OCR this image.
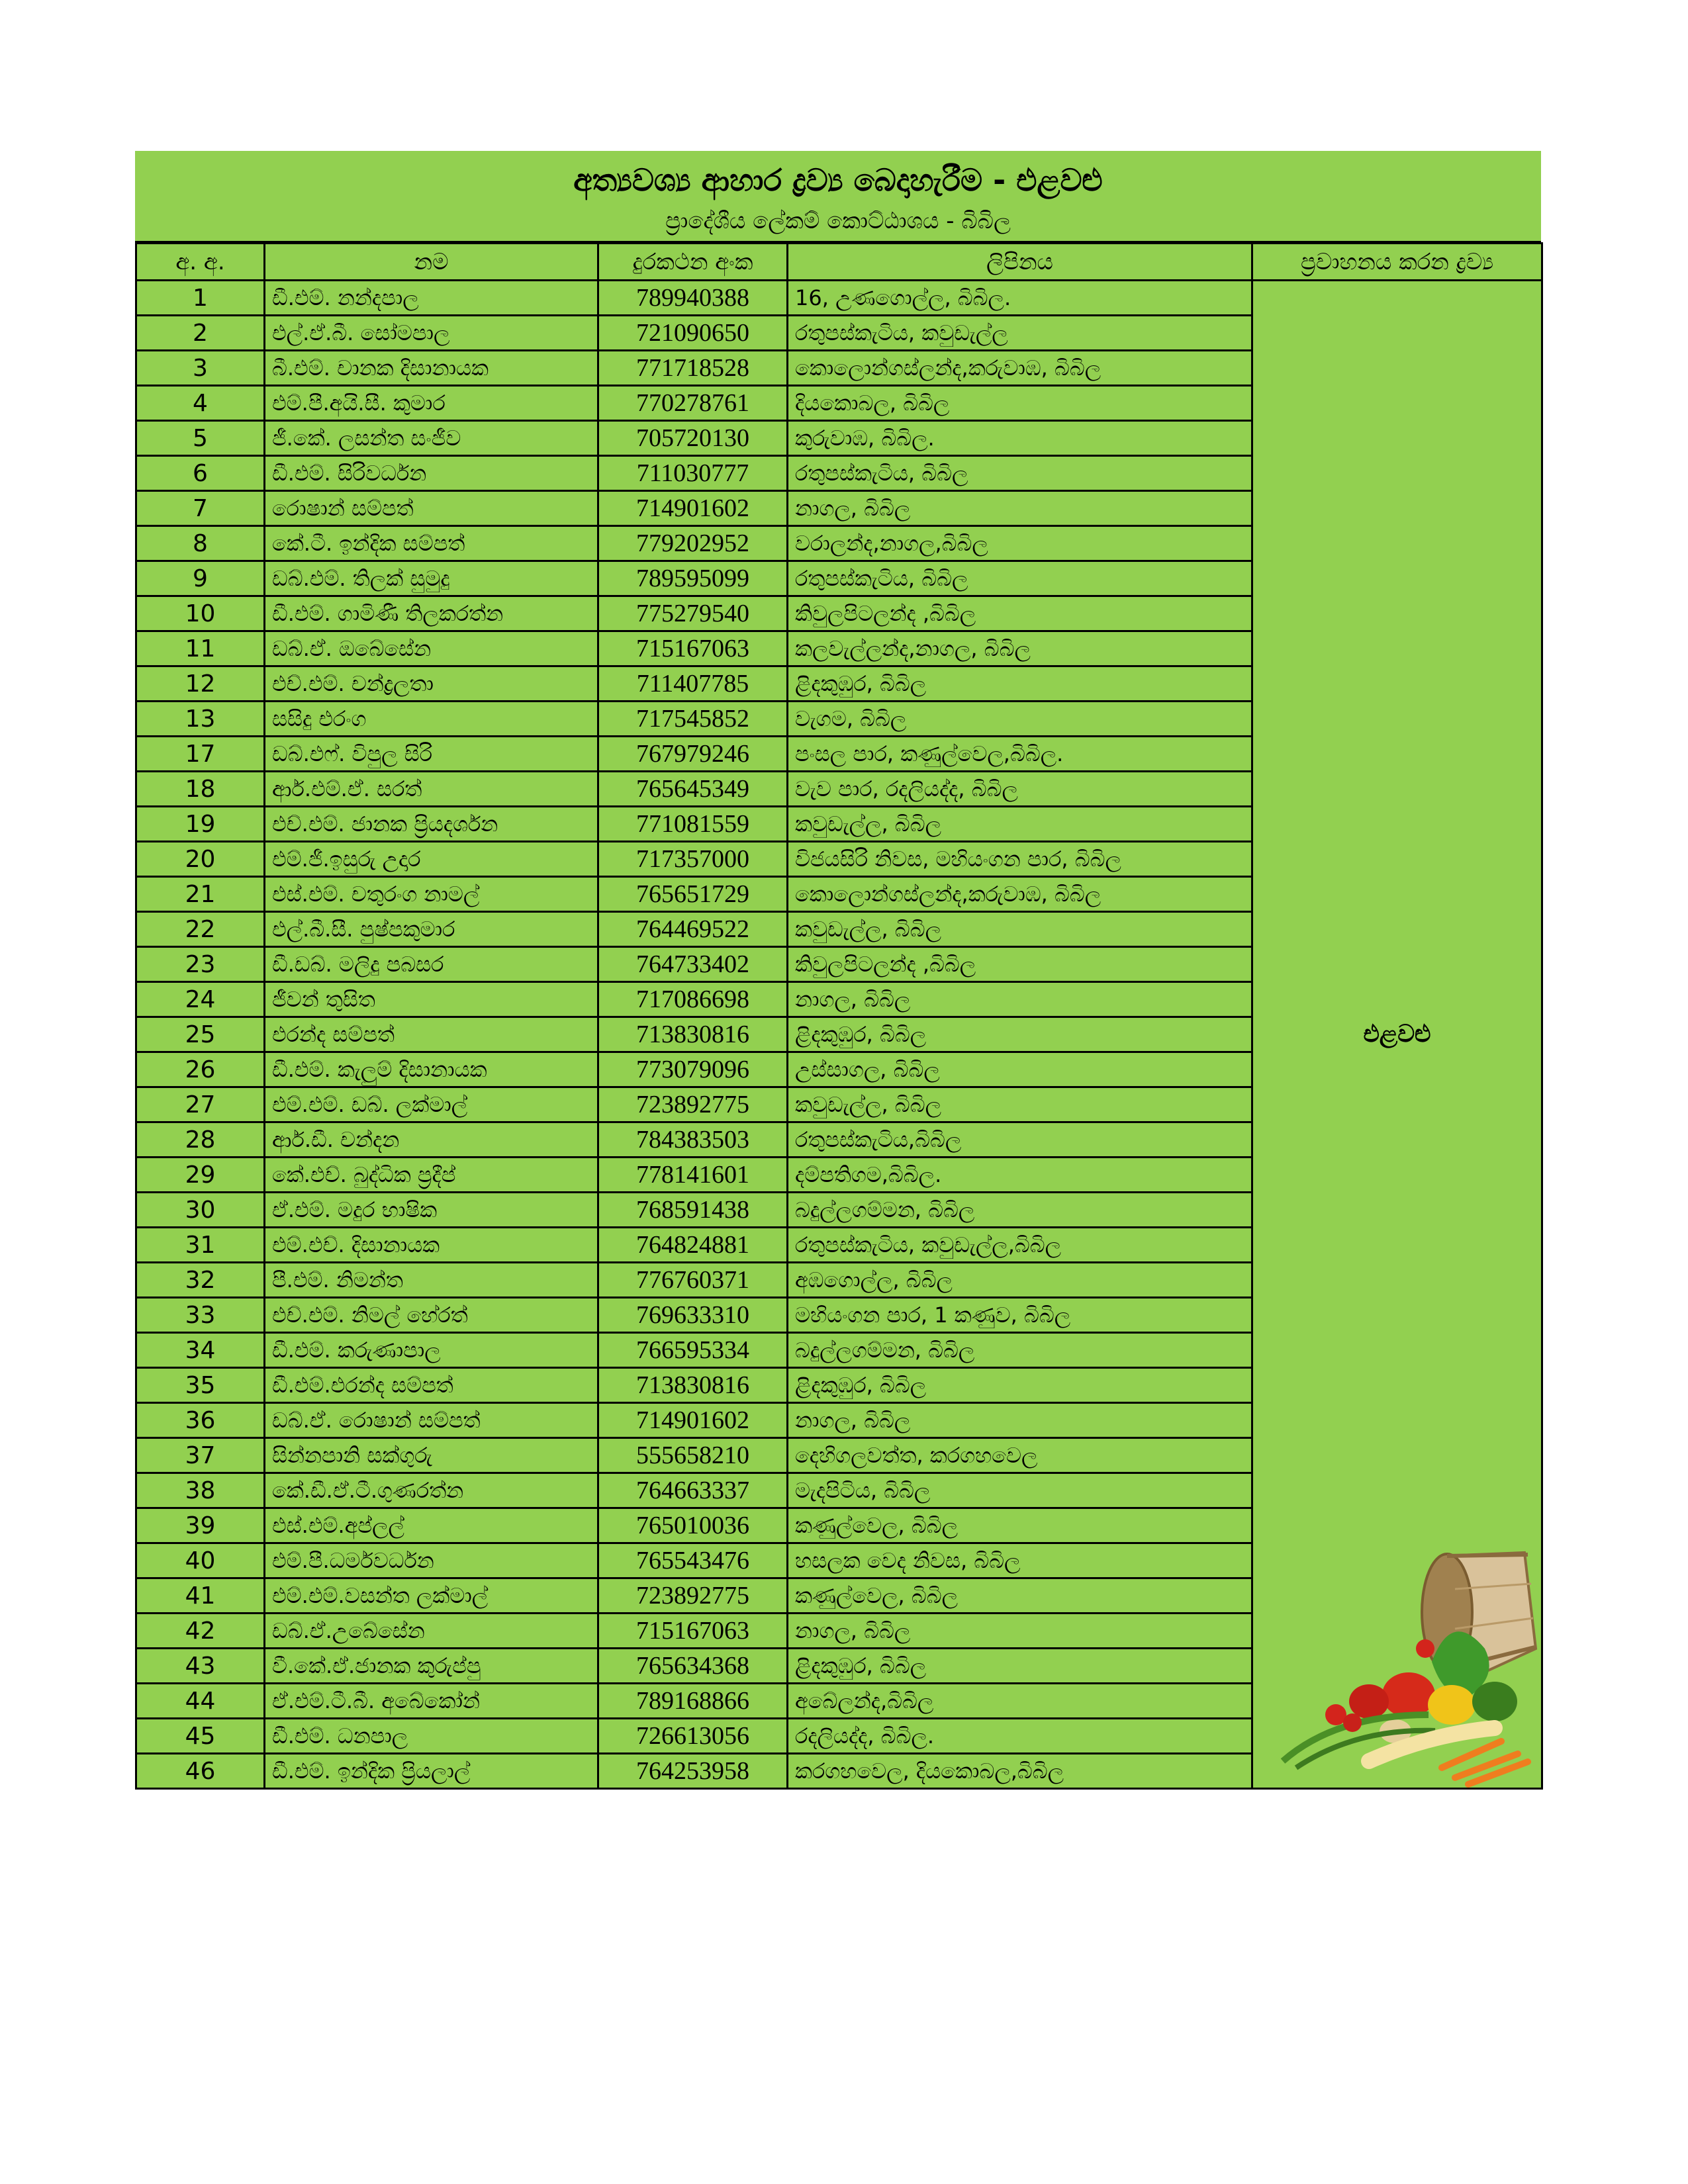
අත්‍යවශ්‍ය ආහාර ද්‍රව්‍ය බෙදාහැරීම - එළවළු
ප්‍රාදේශීය ලේකම් කොට්ඨාශය - බිබිල
අ. අ.	නම	දුරකථන අංක	ලිපිනය	ප්‍රවාහනය කරන ද්‍රව්‍ය
1	ඩී.එම්. නන්දපාල	789940388	16, උණගොල්ල, බිබිල.	එළවළු

2	එල්.ඒ.බී. සෝමපාල	721090650	රතුපස්කැටිය, කවුඩැල්ල	
3	බී.එම්. චානක දිසානායක	771718528	කොලොන්ගස්ලන්ද,කරුවාඹ, බිබිල	
4	එම්.පී.අයි.සී. කුමාර	770278761	දියකොබල, බිබිල	
5	ජී.කේ. ලසන්ත සංජීව	705720130	කුරුවාඹ, බිබිල.	
6	ඩී.එම්. සිරිවර්ධන	711030777	රතුපස්කැටිය, බිබිල	
7	රොෂාන් සම්පත්	714901602	නාගල, බිබිල	
8	කේ.ටී. ඉන්දික සම්පත්	779202952	වරාලන්ද,නාගල,බිබිල	
9	ඩබ්.එම්. තිලක් සුමුදු	789595099	රතුපස්කැටිය, බිබිල	
10	ඩී.එම්. ගාමිණී තිලකරත්න	775279540	කිවුලපිටලන්ද ,බිබිල	
11	ඩබ්.ඒ. ඔබේසේන	715167063	කලවැල්ලන්ද,නාගල, බිබිල	
12	එච්.එම්. චන්ද්‍රලතා	711407785	ළිදකුඹුර, බිබිල	
13	සසිදු එරංග	717545852	වැගම, බිබිල	
17	ඩබ්.එෆ්. විපුල සිරි	767979246	පංසල පාර, කණුල්වෙල,බිබිල.	
18	ආර්.එම්.ඒ. සරත්	765645349	වැව පාර, රදලියද්ද, බිබිල	
19	එච්.එම්. ජානක ප්‍රියදර්ශන	771081559	කවුඩැල්ල, බිබිල	
20	එම්.ජී.ඉසුරු උදාර	717357000	විජයසිරි නිවස, මහියංගන පාර, බිබිල	
21	එස්.එම්. චතුරංග නාමල්	765651729	කොලොන්ගස්ලන්ද,කරුවාඹ, බිබිල	
22	එල්.බී.සී. පුෂ්පකුමාර	764469522	කවුඩැල්ල, බිබිල	
23	ඩී.ඩබ්. මලිදු පබසර	764733402	කිවුලපිටලන්ද ,බිබිල	
24	ජීවන් තුසිත	717086698	නාගල, බිබිල	
25	එරන්ද සම්පත්	713830816	ළිදකුඹුර, බිබිල	
26	ඩී.එම්. කැලුම් දිසානායක	773079096	උස්සාගල, බිබිල	
27	එම්.එම්. ඩබ්. ලක්මාල්	723892775	කවුඩැල්ල, බිබිල	
28	ආර්.ඩී. චන්දන	784383503	රතුපස්කැටිය,බිබිල	
29	කේ.එච්. බුද්ධික ප්‍රදීප්	778141601	දම්පතිගම,බිබිල.	
30	ඒ.එම්. මදුර භාෂික	768591438	බදුල්ලගම්මන, බිබිල	
31	එම්.එච්. දිසානායක	764824881	රතුපස්කැටිය, කවුඩැල්ල,බිබිල	
32	පී.එම්. නිමන්ත	776760371	අඹගොල්ල, බිබිල	
33	එච්.එම්. නිමල් හේරත්	769633310	මහියංගන පාර, 1 කණුව, බිබිල	
34	ඩී.එම්. කරුණාපාල	766595334	බදුල්ලගම්මන, බිබිල	
35	ඩී.එම්.එරන්ද සම්පත්	713830816	ළිදකුඹුර, බිබිල	
36	ඩබ්.ඒ. රොෂාන් සම්පත්	714901602	නාගල, බිබිල	
37	සින්නපානි සක්ගුරු	555658210	දෙහිගලවත්ත, කරගහවෙල	
38	කේ.ඩී.ඒ.ටී.ගුණරත්න	764663337	මැදපිටිය, බිබිල	
39	එස්.එම්.අප්ලල්	765010036	කණුල්වෙල, බිබිල	
40	එම්.පී.ධර්මවර්ධන	765543476	හසලක වෙද නිවස, බිබිල	
41	එම්.එම්.වසන්ත ලක්මාල්	723892775	කණුල්වෙල, බිබිල	
42	ඩබ්.ඒ.උබේසේන	715167063	නාගල, බිබිල	
43	වී.කේ.ඒ.ජානක කුරුප්පු	765634368	ළිදකුඹුර, බිබිල	
44	ඒ.එම්.ටී.බී. අබේකෝන්	789168866	අබේලන්ද,බිබිල	
45	ඩී.එම්. ධනපාල	726613056	රදලියද්ද, බිබිල.	
46	ඩී.එම්. ඉන්දික ප්‍රියලාල්	764253958	කරගහවෙල, දියකොබල,බිබිල	
